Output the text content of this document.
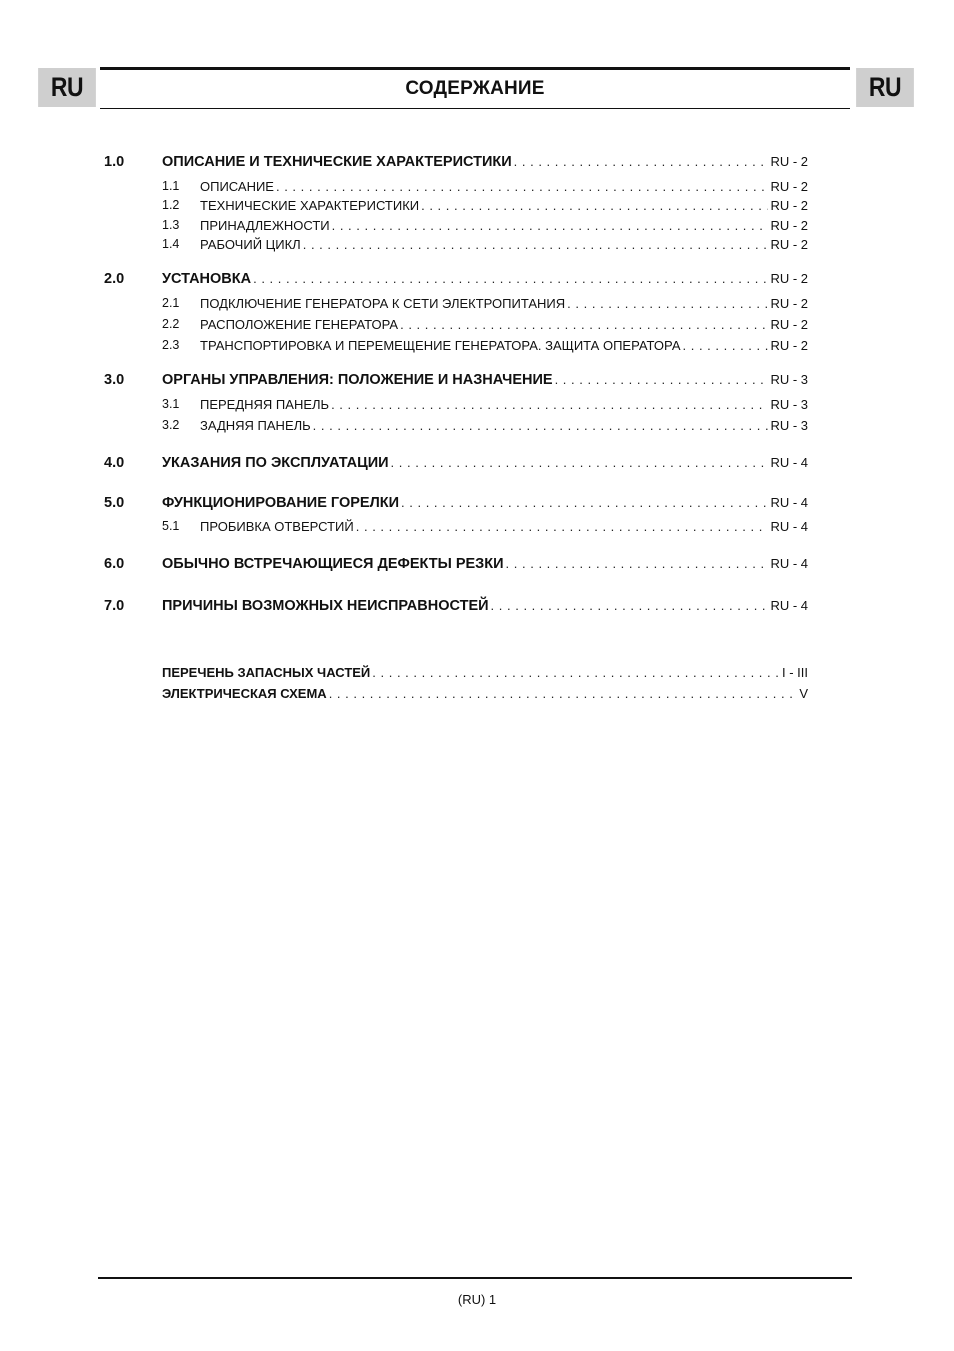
RU	СОДЕРЖАНИЕ	RU
1.0	ОПИСАНИЕ И ТЕХНИЧЕСКИЕ ХАРАКТЕРИСТИКИ . . .	RU - 2
1.1 ОПИСАНИЕ . . .	RU - 2
1.2 ТЕХНИЧЕСКИЕ ХАРАКТЕРИСТИКИ . . .	RU - 2
1.3 ПРИНАДЛЕЖНОСТИ . . .	RU - 2
1.4 РАБОЧИЙ ЦИКЛ . . .	RU - 2
2.0	УСТАНОВКА . . .	RU - 2
2.1 ПОДКЛЮЧЕНИЕ ГЕНЕРАТОРА К СЕТИ ЭЛЕКТРОПИТАНИЯ . . .	RU - 2
2.2 РАСПОЛОЖЕНИЕ ГЕНЕРАТОРА . . .	RU - 2
2.3 ТРАНСПОРТИРОВКА И ПЕРЕМЕЩЕНИЕ ГЕНЕРАТОРА. ЗАЩИТА ОПЕРАТОРА . . .	RU - 2
3.0	ОРГАНЫ УПРАВЛЕНИЯ: ПОЛОЖЕНИЕ И НАЗНАЧЕНИЕ . . .	RU - 3
3.1 ПЕРЕДНЯЯ ПАНЕЛЬ . . .	RU - 3
3.2 ЗАДНЯЯ ПАНЕЛЬ . . .	RU - 3
4.0	УКАЗАНИЯ ПО ЭКСПЛУАТАЦИИ . . .	RU - 4
5.0	ФУНКЦИОНИРОВАНИЕ ГОРЕЛКИ . . .	RU - 4
5.1 ПРОБИВКА ОТВЕРСТИЙ . . .	RU - 4
6.0	ОБЫЧНО ВСТРЕЧАЮЩИЕСЯ ДЕФЕКТЫ РЕЗКИ . . .	RU - 4
7.0	ПРИЧИНЫ ВОЗМОЖНЫХ НЕИСПРАВНОСТЕЙ . . .	RU - 4
ПЕРЕЧЕНЬ ЗАПАСНЫХ ЧАСТЕЙ . . .	I - III
ЭЛЕКТРИЧЕСКАЯ СХЕМА . . .	V
(RU) 1
